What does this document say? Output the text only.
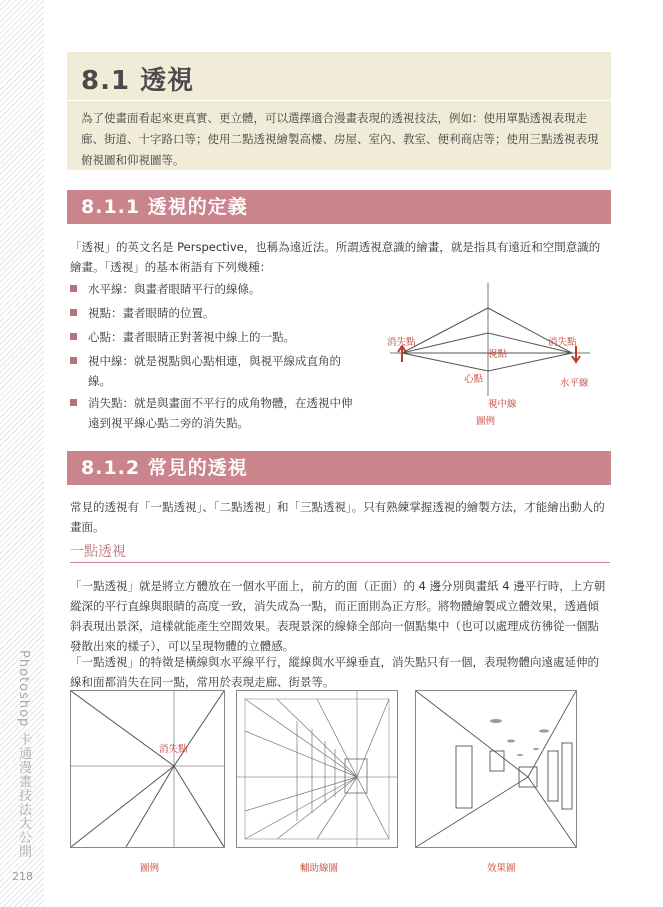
Photoshop 卡通漫畫技法大公開
218
8.1 透視
為了使畫面看起來更真實、更立體，可以選擇適合漫畫表現的透視技法，例如：使用單點透視表現走廊、街道、十字路口等；使用二點透視繪製高樓、房屋、室內、教室、便利商店等；使用三點透視表現俯視圖和仰視圖等。
8.1.1 透視的定義
「透視」的英文名是 Perspective，也稱為遠近法。所謂透視意識的繪畫，就是指具有遠近和空間意識的繪畫。「透視」的基本術語有下列幾種：
水平線：與畫者眼睛平行的線條。
視點：畫者眼睛的位置。
心點：畫者眼睛正對著視中線上的一點。
視中線：就是視點與心點相連，與視平線成直角的線。
消失點：就是與畫面不平行的成角物體，在透視中伸遠到視平線心點二旁的消失點。
消失點	消失點
視點
心點	水平線
視中線
圖例
8.1.2 常見的透視
常見的透視有「一點透視」、「二點透視」和「三點透視」。只有熟練掌握透視的繪製方法，才能繪出動人的畫面。
一點透視
「一點透視」就是將立方體放在一個水平面上，前方的面（正面）的 4 邊分別與畫紙 4 邊平行時，上方朝縱深的平行直線與眼睛的高度一致，消失成為一點，而正面則為正方形。將物體繪製成立體效果，透過傾斜表現出景深，這樣就能產生空間效果。表現景深的線條全部向一個點集中（也可以處理成彷彿從一個點發散出來的樣子），可以呈現物體的立體感。
「一點透視」的特徵是橫線與水平線平行，縱線與水平線垂直，消失點只有一個，表現物體向遠處延伸的線和面都消失在同一點，常用於表現走廊、街景等。
消失點
圖例	輔助線圖	效果圖
